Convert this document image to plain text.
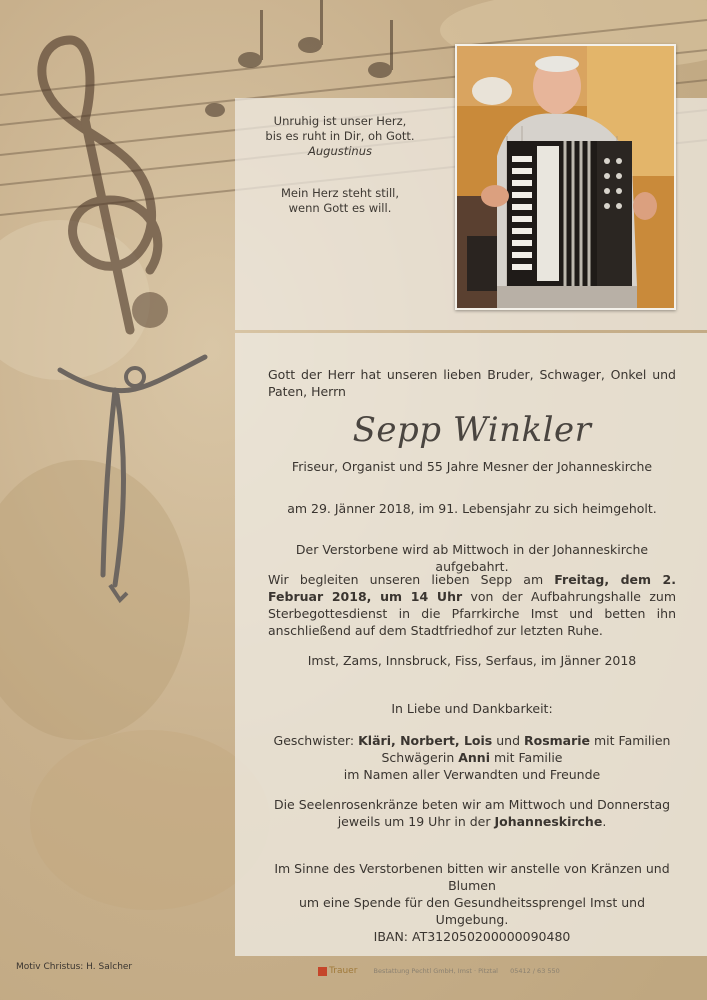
Unruhig ist unser Herz,
bis es ruht in Dir, oh Gott.
Augustinus
Mein Herz steht still,
wenn Gott es will.
Gott der Herr hat unseren lieben Bruder, Schwager, Onkel und Paten, Herrn
Sepp Winkler
Friseur, Organist und 55 Jahre Mesner der Johanneskirche
am 29. Jänner 2018, im 91. Lebensjahr zu sich heimgeholt.
Der Verstorbene wird ab Mittwoch in der Johanneskirche aufgebahrt.
Wir begleiten unseren lieben Sepp am Freitag, dem 2. Februar 2018, um 14 Uhr von der Aufbahrungshalle zum Sterbegottesdienst in die Pfarrkirche Imst und betten ihn anschließend auf dem Stadtfriedhof zur letzten Ruhe.
Imst, Zams, Innsbruck, Fiss, Serfaus, im Jänner 2018
In Liebe und Dankbarkeit:
Geschwister: Kläri, Norbert, Lois und Rosmarie mit Familien
Schwägerin Anni mit Familie
im Namen aller Verwandten und Freunde
Die Seelenrosenkränze beten wir am Mittwoch und Donnerstag
jeweils um 19 Uhr in der Johanneskirche.
Im Sinne des Verstorbenen bitten wir anstelle von Kränzen und Blumen
um eine Spende für den Gesundheitssprengel Imst und Umgebung.
IBAN: AT312050200000090480
Motiv Christus: H. Salcher	Trauer Bestattung Pechtl GmbH, Imst · Pitztal 05412 / 63 550
